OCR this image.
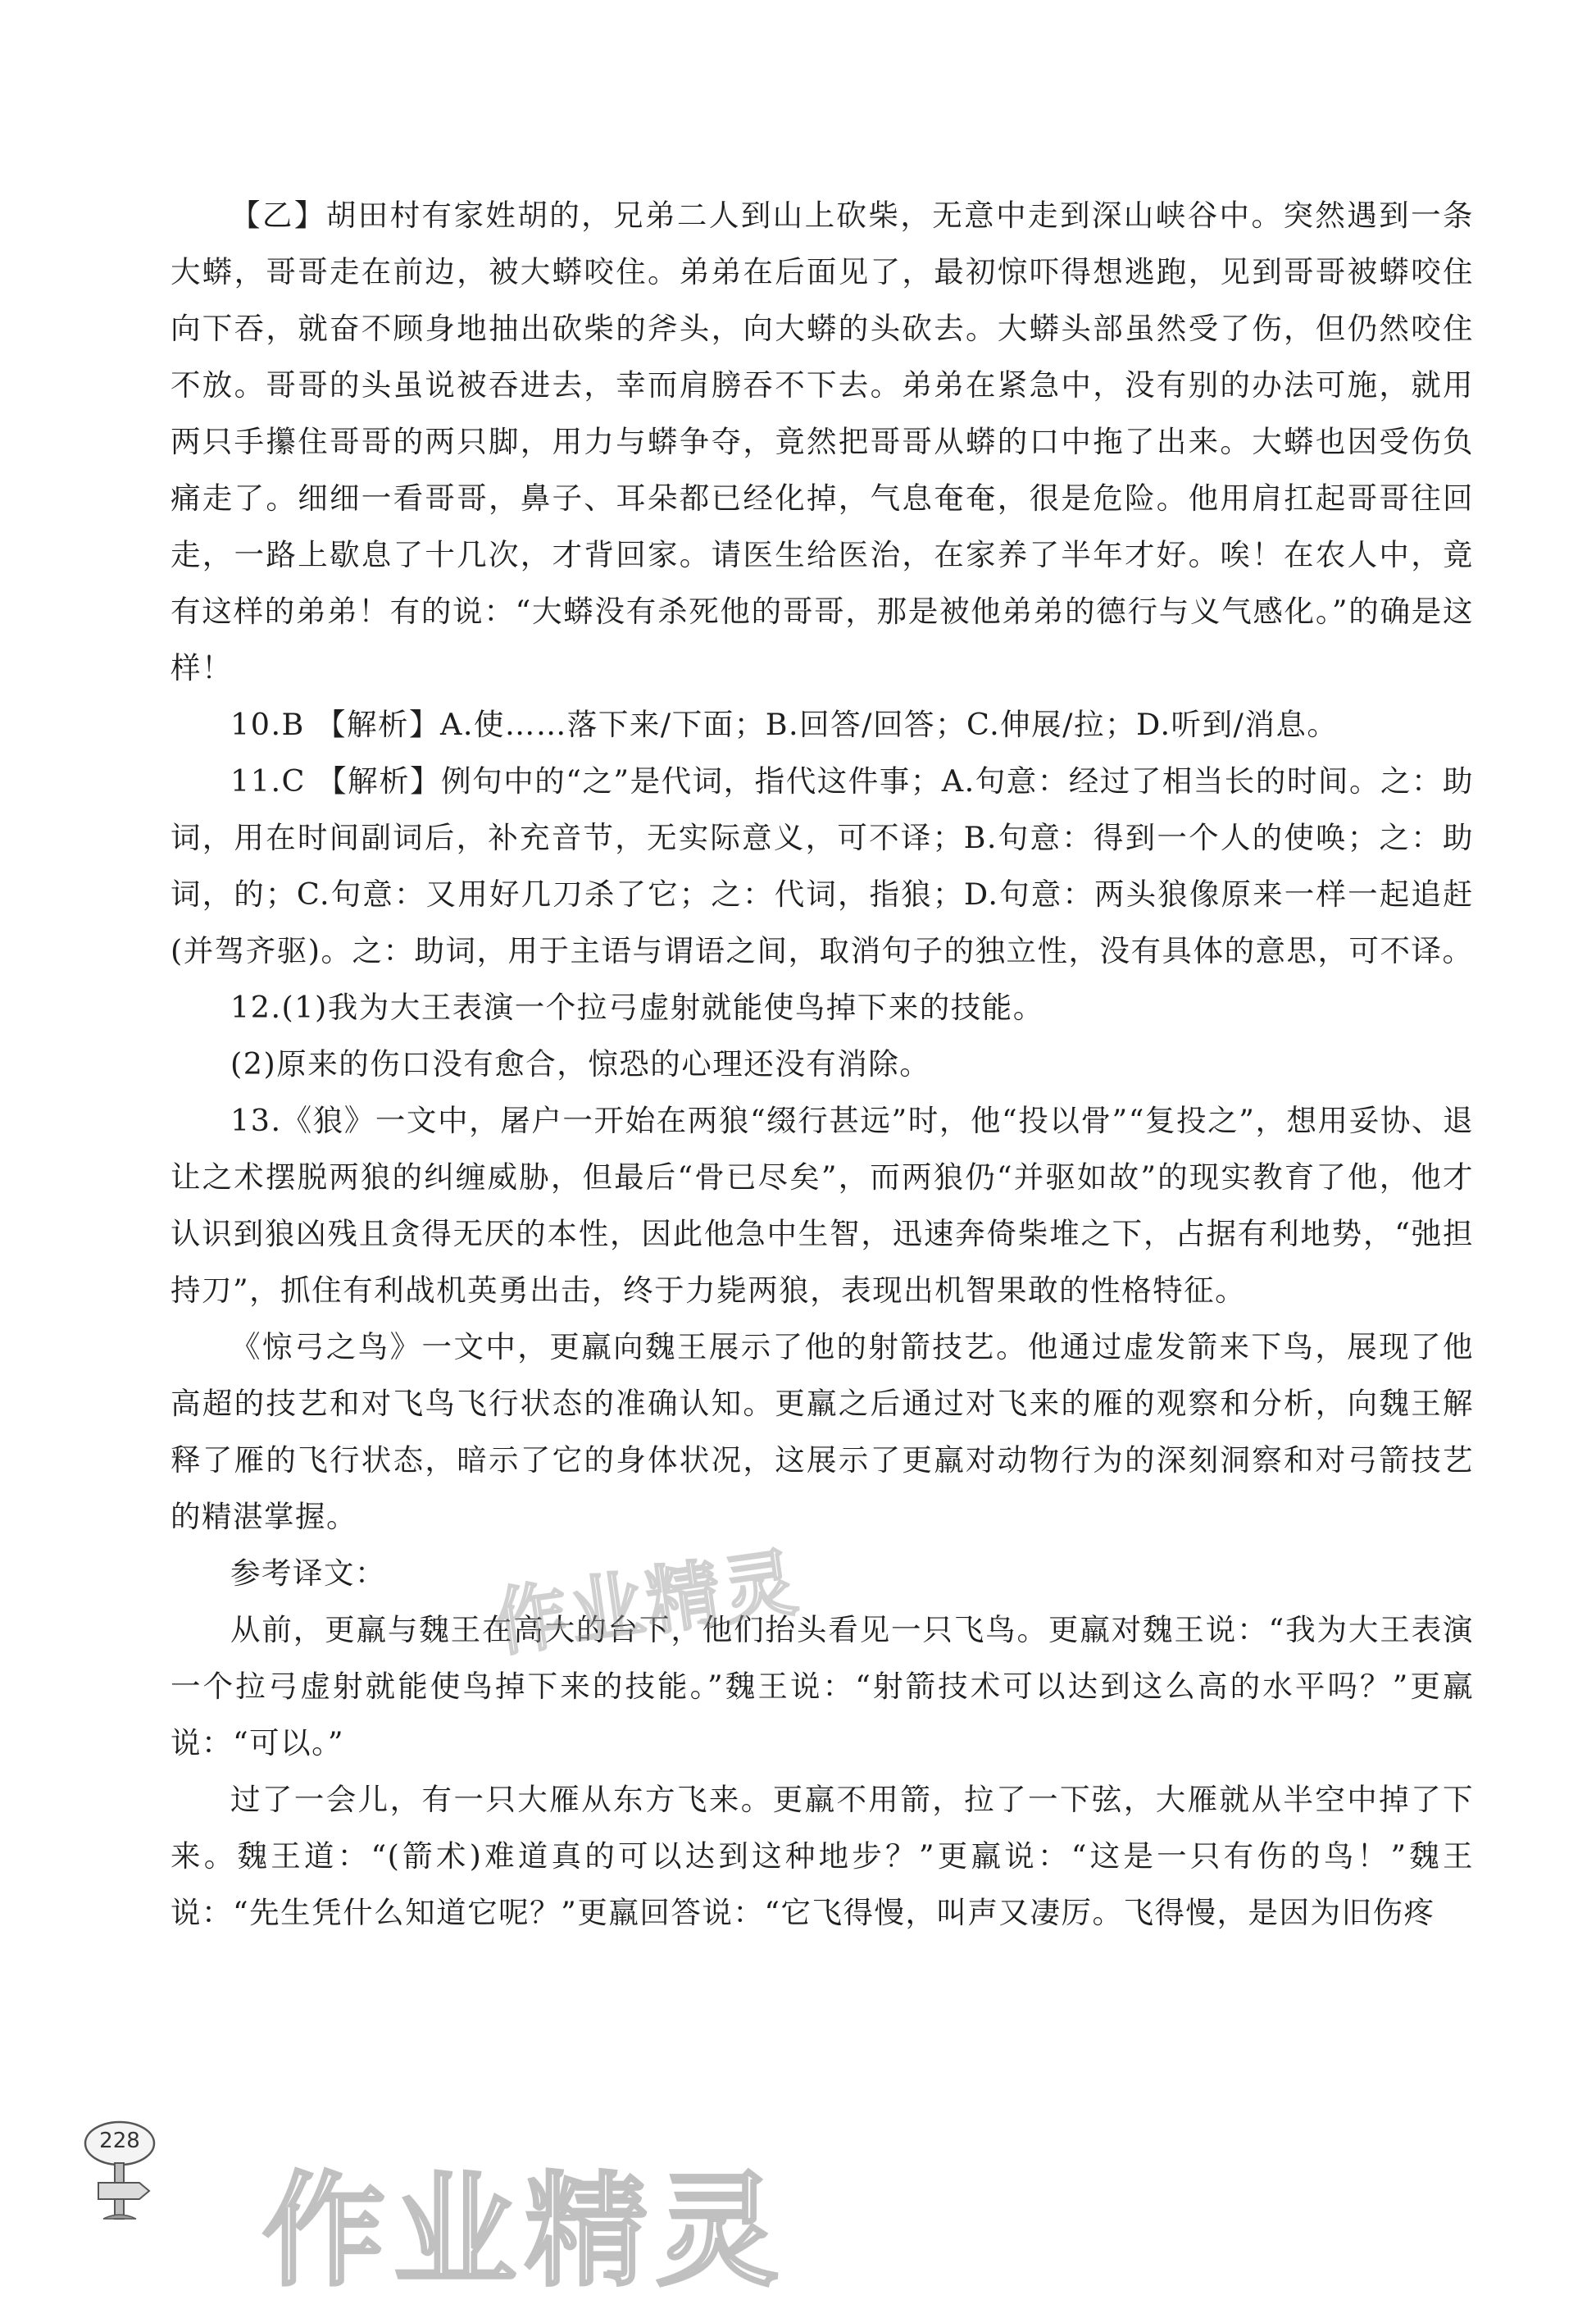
【乙】胡田村有家姓胡的，兄弟二人到山上砍柴，无意中走到深山峡谷中。突然遇到一条大蟒，哥哥走在前边，被大蟒咬住。弟弟在后面见了，最初惊吓得想逃跑，见到哥哥被蟒咬住向下吞，就奋不顾身地抽出砍柴的斧头，向大蟒的头砍去。大蟒头部虽然受了伤，但仍然咬住不放。哥哥的头虽说被吞进去，幸而肩膀吞不下去。弟弟在紧急中，没有别的办法可施，就用两只手攥住哥哥的两只脚，用力与蟒争夺，竟然把哥哥从蟒的口中拖了出来。大蟒也因受伤负痛走了。细细一看哥哥，鼻子、耳朵都已经化掉，气息奄奄，很是危险。他用肩扛起哥哥往回走，一路上歇息了十几次，才背回家。请医生给医治，在家养了半年才好。唉！在农人中，竟有这样的弟弟！有的说：“大蟒没有杀死他的哥哥，那是被他弟弟的德行与义气感化。”的确是这样！

10.B 【解析】A.使……落下来/下面；B.回答/回答；C.伸展/拉；D.听到/消息。

11.C 【解析】例句中的“之”是代词，指代这件事；A.句意：经过了相当长的时间。之：助词，用在时间副词后，补充音节，无实际意义，可不译；B.句意：得到一个人的使唤；之：助词，的；C.句意：又用好几刀杀了它；之：代词，指狼；D.句意：两头狼像原来一样一起追赶(并驾齐驱)。之：助词，用于主语与谓语之间，取消句子的独立性，没有具体的意思，可不译。

12.(1)我为大王表演一个拉弓虚射就能使鸟掉下来的技能。

(2)原来的伤口没有愈合，惊恐的心理还没有消除。

13.《狼》一文中，屠户一开始在两狼“缀行甚远”时，他“投以骨”“复投之”，想用妥协、退让之术摆脱两狼的纠缠威胁，但最后“骨已尽矣”，而两狼仍“并驱如故”的现实教育了他，他才认识到狼凶残且贪得无厌的本性，因此他急中生智，迅速奔倚柴堆之下，占据有利地势，“弛担持刀”，抓住有利战机英勇出击，终于力毙两狼，表现出机智果敢的性格特征。

《惊弓之鸟》一文中，更羸向魏王展示了他的射箭技艺。他通过虚发箭来下鸟，展现了他高超的技艺和对飞鸟飞行状态的准确认知。更羸之后通过对飞来的雁的观察和分析，向魏王解释了雁的飞行状态，暗示了它的身体状况，这展示了更羸对动物行为的深刻洞察和对弓箭技艺的精湛掌握。

参考译文：

从前，更羸与魏王在高大的台下，他们抬头看见一只飞鸟。更羸对魏王说：“我为大王表演一个拉弓虚射就能使鸟掉下来的技能。”魏王说：“射箭技术可以达到这么高的水平吗？”更羸说：“可以。”

过了一会儿，有一只大雁从东方飞来。更羸不用箭，拉了一下弦，大雁就从半空中掉了下来。魏王道：“(箭术)难道真的可以达到这种地步？”更羸说：“这是一只有伤的鸟！”魏王说：“先生凭什么知道它呢？”更羸回答说：“它飞得慢，叫声又凄厉。飞得慢，是因为旧伤疼

作业精灵
228
作业精灵
